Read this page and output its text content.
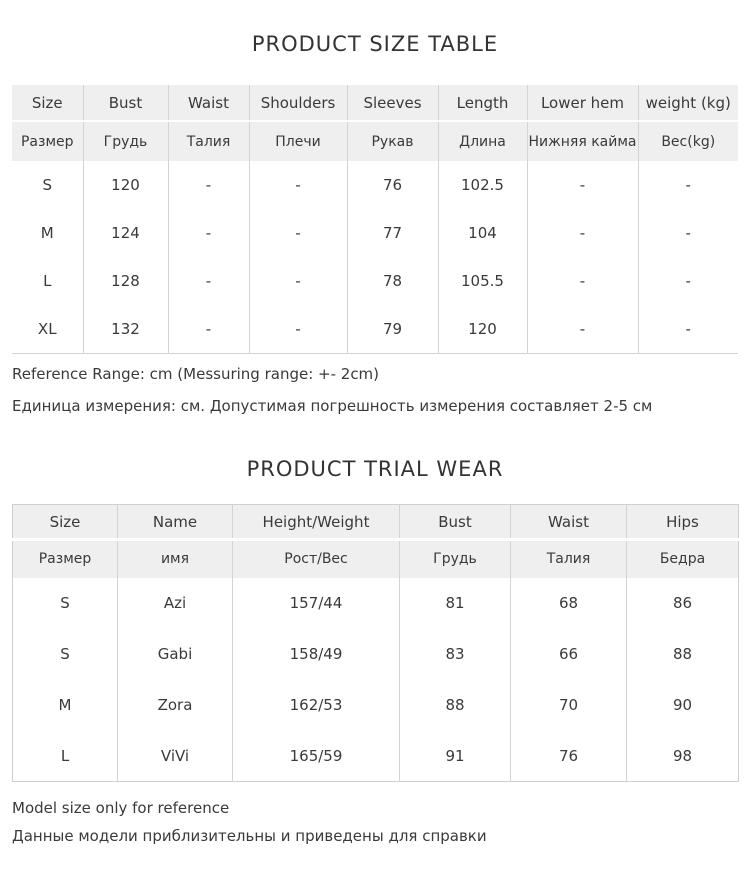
PRODUCT SIZE TABLE
Size	Bust	Waist	Shoulders	Sleeves	Length	Lower hem	weight (kg)
Размер	Грудь	Талия	Плечи	Рукав	Длина	Нижняя кайма	Вес(kg)
S	120	-	-	76	102.5	-	-
M	124	-	-	77	104	-	-
L	128	-	-	78	105.5	-	-
XL	132	-	-	79	120	-	-
Reference Range: cm (Messuring range: +- 2cm)
Единица измерения: см. Допустимая погрешность измерения составляет 2-5 см
PRODUCT TRIAL WEAR
Size	Name	Height/Weight	Bust	Waist	Hips
Размер	имя	Рост/Вес	Грудь	Талия	Бедра
S	Azi	157/44	81	68	86
S	Gabi	158/49	83	66	88
M	Zora	162/53	88	70	90
L	ViVi	165/59	91	76	98
Model size only for reference
Данные модели приблизительны и приведены для справки
